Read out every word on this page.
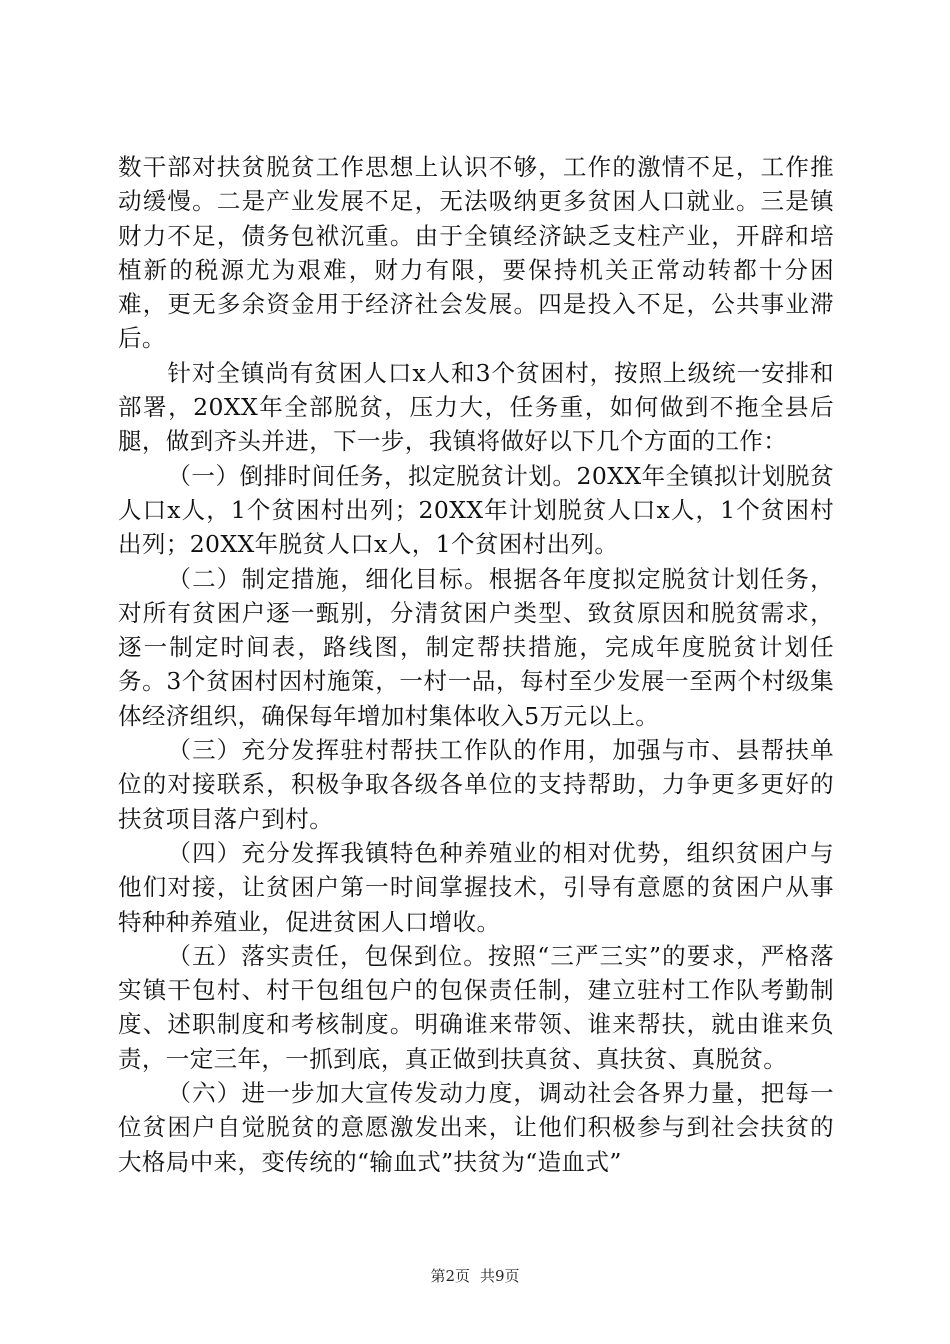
数干部对扶贫脱贫工作思想上认识不够，工作的激情不足，工作推动缓慢。二是产业发展不足，无法吸纳更多贫困人口就业。三是镇财力不足，债务包袱沉重。由于全镇经济缺乏支柱产业，开辟和培植新的税源尤为艰难，财力有限，要保持机关正常动转都十分困难，更无多余资金用于经济社会发展。四是投入不足，公共事业滞后。

针对全镇尚有贫困人口x人和3个贫困村，按照上级统一安排和部署，20XX年全部脱贫，压力大，任务重，如何做到不拖全县后腿，做到齐头并进，下一步，我镇将做好以下几个方面的工作：

（一）倒排时间任务，拟定脱贫计划。20XX年全镇拟计划脱贫人口x人，1个贫困村出列；20XX年计划脱贫人口x人，1个贫困村出列；20XX年脱贫人口x人，1个贫困村出列。

（二）制定措施，细化目标。根据各年度拟定脱贫计划任务，对所有贫困户逐一甄别，分清贫困户类型、致贫原因和脱贫需求，逐一制定时间表，路线图，制定帮扶措施，完成年度脱贫计划任务。3个贫困村因村施策，一村一品，每村至少发展一至两个村级集体经济组织，确保每年增加村集体收入5万元以上。

（三）充分发挥驻村帮扶工作队的作用，加强与市、县帮扶单位的对接联系，积极争取各级各单位的支持帮助，力争更多更好的扶贫项目落户到村。

（四）充分发挥我镇特色种养殖业的相对优势，组织贫困户与他们对接，让贫困户第一时间掌握技术，引导有意愿的贫困户从事特种种养殖业，促进贫困人口增收。

（五）落实责任，包保到位。按照“三严三实”的要求，严格落实镇干包村、村干包组包户的包保责任制，建立驻村工作队考勤制度、述职制度和考核制度。明确谁来带领、谁来帮扶，就由谁来负责，一定三年，一抓到底，真正做到扶真贫、真扶贫、真脱贫。

（六）进一步加大宣传发动力度，调动社会各界力量，把每一位贫困户自觉脱贫的意愿激发出来，让他们积极参与到社会扶贫的大格局中来，变传统的“输血式”扶贫为“造血式”

第2页 共9页
